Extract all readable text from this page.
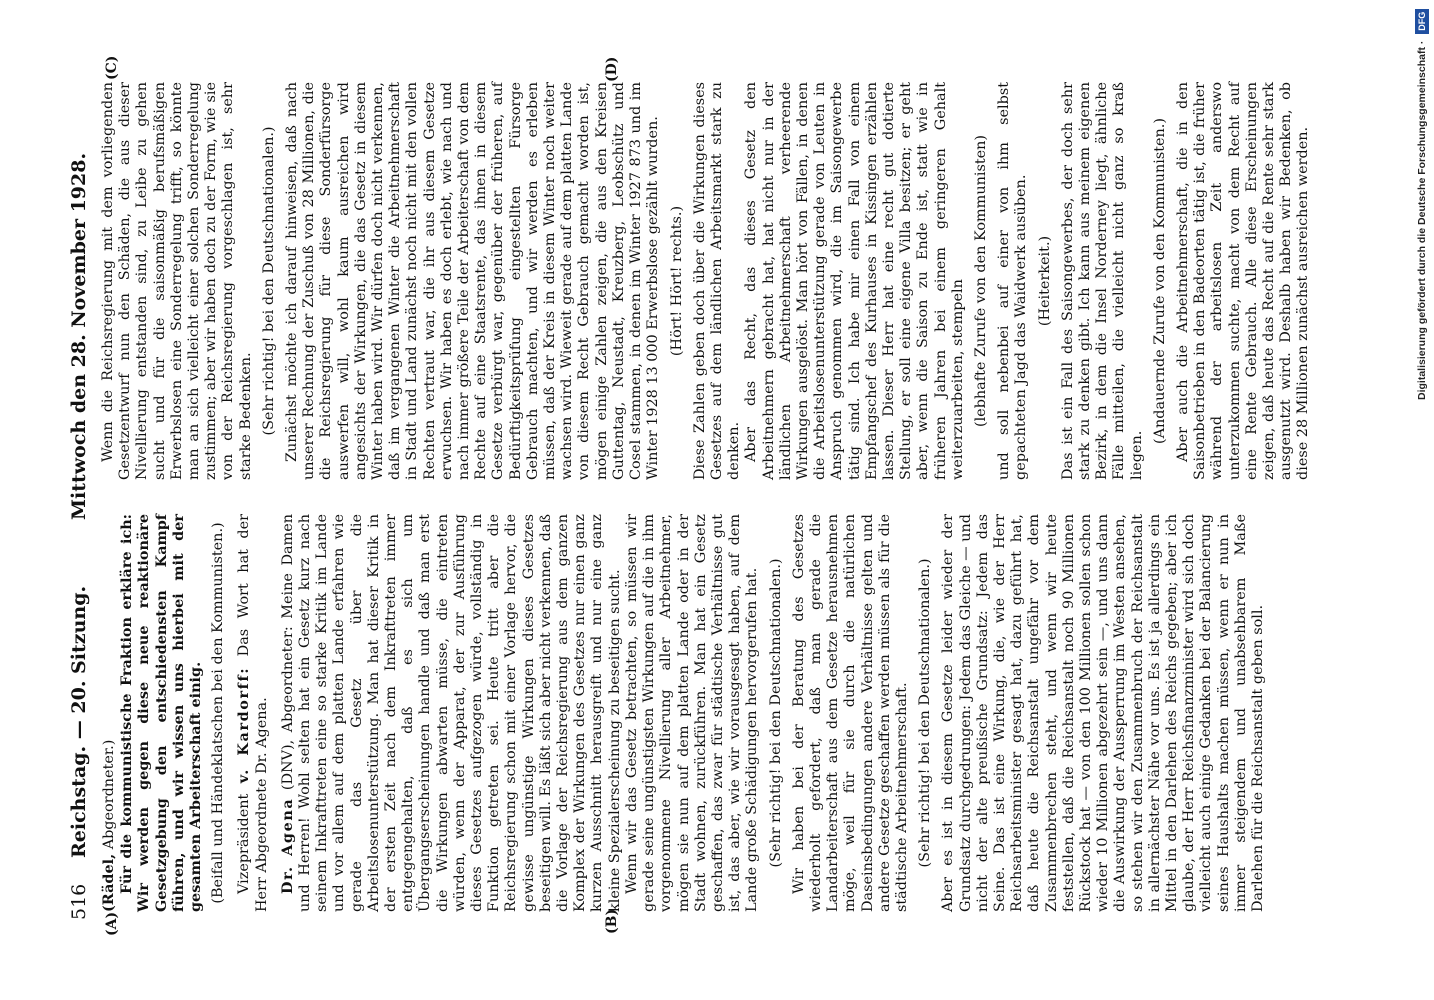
516
Reichstag. — 20. Sitzung.
Mittwoch den 28. November 1928.
(A)	(B)
(C)	(D)

(Rädel, Abgeordneter.) Für die kommunistische Fraktion erkläre ich: Wir werden gegen diese neue reaktionäre Gesetzgebung den entschiedensten Kampf führen, und wir wissen uns hierbei mit der gesamten Arbeiterschaft einig. (Beifall und Händeklatschen bei den Kommunisten.) Vizepräsident v. Kardorff: Das Wort hat der Herr Abgeordnete Dr. Agena. Dr. Agena (DNV), Abgeordneter: Meine Damen und Herren! Wohl selten hat ein Gesetz kurz nach seinem Inkrafttreten eine so starke Kritik im Lande und vor allem auf dem platten Lande erfahren wie gerade das Gesetz über die Arbeitslosenunterstützung. Man hat dieser Kritik in der ersten Zeit nach dem Inkrafttreten immer entgegengehalten, daß es sich um Übergangserscheinungen handle und daß man erst die Wirkungen abwarten müsse, die eintreten würden, wenn der Apparat, der zur Ausführung dieses Gesetzes aufgezogen würde, vollständig in Funktion getreten sei. Heute tritt aber die Reichsregierung schon mit einer Vorlage hervor, die gewisse ungünstige Wirkungen dieses Gesetzes beseitigen will. Es läßt sich aber nicht verkennen, daß die Vorlage der Reichsregierung aus dem ganzen Komplex der Wirkungen des Gesetzes nur einen ganz kurzen Ausschnitt herausgreift und nur eine ganz kleine Spezialerscheinung zu beseitigen sucht. Wenn wir das Gesetz betrachten, so müssen wir gerade seine ungünstigsten Wirkungen auf die in ihm vorgenommene Nivellierung aller Arbeitnehmer, mögen sie nun auf dem platten Lande oder in der Stadt wohnen, zurückführen. Man hat ein Gesetz geschaffen, das zwar für städtische Verhältnisse gut ist, das aber, wie wir vorausgesagt haben, auf dem Lande große Schädigungen hervorgerufen hat. (Sehr richtig! bei den Deutschnationalen.) Wir haben bei der Beratung des Gesetzes wiederholt gefordert, daß man gerade die Landarbeiterschaft aus dem Gesetze herausnehmen möge, weil für sie durch die natürlichen Daseinsbedingungen andere Verhältnisse gelten und andere Gesetze geschaffen werden müssen als für die städtische Arbeitnehmerschaft. (Sehr richtig! bei den Deutschnationalen.) Aber es ist in diesem Gesetze leider wieder der Grundsatz durchgedrungen: Jedem das Gleiche — und nicht der alte preußische Grundsatz: Jedem das Seine. Das ist eine Wirkung, die, wie der Herr Reichsarbeitsminister gesagt hat, dazu geführt hat, daß heute die Reichsanstalt ungefähr vor dem Zusammenbrechen steht, und wenn wir heute feststellen, daß die Reichsanstalt noch 90 Millionen Rückstock hat — von den 100 Millionen sollen schon wieder 10 Millionen abgezehrt sein —, und uns dann die Auswirkung der Aussperrung im Westen ansehen, so stehen wir den Zusammenbruch der Reichsanstalt in allernächster Nähe vor uns. Es ist ja allerdings ein Mittel in den Darlehen des Reichs gegeben; aber ich glaube, der Herr Reichsfinanzminister wird sich doch vielleicht auch einige Gedanken bei der Balancierung seines Haushalts machen müssen, wenn er nun in immer steigendem und unabsehbarem Maße Darlehen für die Reichsanstalt geben soll.

Wenn die Reichsregierung mit dem vorliegenden Gesetzentwurf nun den Schäden, die aus dieser Nivellierung entstanden sind, zu Leibe zu gehen sucht und für die saisonmäßig berufsmäßigen Erwerbslosen eine Sonderregelung trifft, so könnte man an sich vielleicht einer solchen Sonderregelung zustimmen; aber wir haben doch zu der Form, wie sie von der Reichsregierung vorgeschlagen ist, sehr starke Bedenken. (Sehr richtig! bei den Deutschnationalen.) Zunächst möchte ich darauf hinweisen, daß nach unserer Rechnung der Zuschuß von 28 Millionen, die die Reichsregierung für diese Sonderfürsorge auswerfen will, wohl kaum ausreichen wird angesichts der Wirkungen, die das Gesetz in diesem Winter haben wird. Wir dürfen doch nicht verkennen, daß im vergangenen Winter die Arbeitnehmerschaft in Stadt und Land zunächst noch nicht mit den vollen Rechten vertraut war, die ihr aus diesem Gesetze erwuchsen. Wir haben es doch erlebt, wie nach und nach immer größere Teile der Arbeiterschaft von dem Rechte auf eine Staatsrente, das ihnen in diesem Gesetze verbürgt war, gegenüber der früheren, auf Bedürftigkeitsprüfung eingestellten Fürsorge Gebrauch machten, und wir werden es erleben müssen, daß der Kreis in diesem Winter noch weiter wachsen wird. Wieweit gerade auf dem platten Lande von diesem Recht Gebrauch gemacht worden ist, mögen einige Zahlen zeigen, die aus den Kreisen Guttentag, Neustadt, Kreuzberg, Leobschütz und Cosel stammen, in denen im Winter 1927 873 und im Winter 1928 13 000 Erwerbslose gezählt wurden. (Hört! Hört! rechts.) Diese Zahlen geben doch über die Wirkungen dieses Gesetzes auf dem ländlichen Arbeitsmarkt stark zu denken. Aber das Recht, das dieses Gesetz den Arbeitnehmern gebracht hat, hat nicht nur in der ländlichen Arbeitnehmerschaft verheerende Wirkungen ausgelöst. Man hört von Fällen, in denen die Arbeitslosenunterstützung gerade von Leuten in Anspruch genommen wird, die im Saisongewerbe tätig sind. Ich habe mir einen Fall von einem Empfangschef des Kurhauses in Kissingen erzählen lassen. Dieser Herr hat eine recht gut dotierte Stellung, er soll eine eigene Villa besitzen; er geht aber, wenn die Saison zu Ende ist, statt wie in früheren Jahren bei einem geringeren Gehalt weiterzuarbeiten, stempeln (lebhafte Zurufe von den Kommunisten) und soll nebenbei auf einer von ihm selbst gepachteten Jagd das Waidwerk ausüben. (Heiterkeit.) Das ist ein Fall des Saisongewerbes, der doch sehr stark zu denken gibt. Ich kann aus meinem eigenen Bezirk, in dem die Insel Norderney liegt, ähnliche Fälle mitteilen, die vielleicht nicht ganz so kraß liegen.

(Andauernde Zurufe von den Kommunisten.) Aber auch die Arbeitnehmerschaft, die in den Saisonbetrieben in den Badeorten tätig ist, die früher während der arbeitslosen Zeit anderswo unterzukommen suchte, macht von dem Recht auf eine Rente Gebrauch. Alle diese Erscheinungen zeigen, daß heute das Recht auf die Rente sehr stark ausgenutzt wird. Deshalb haben wir Bedenken, ob diese 28 Millionen zunächst ausreichen werden.	Digitalisierung gefördert durch die Deutsche Forschungsgemeinschaft · DFG
